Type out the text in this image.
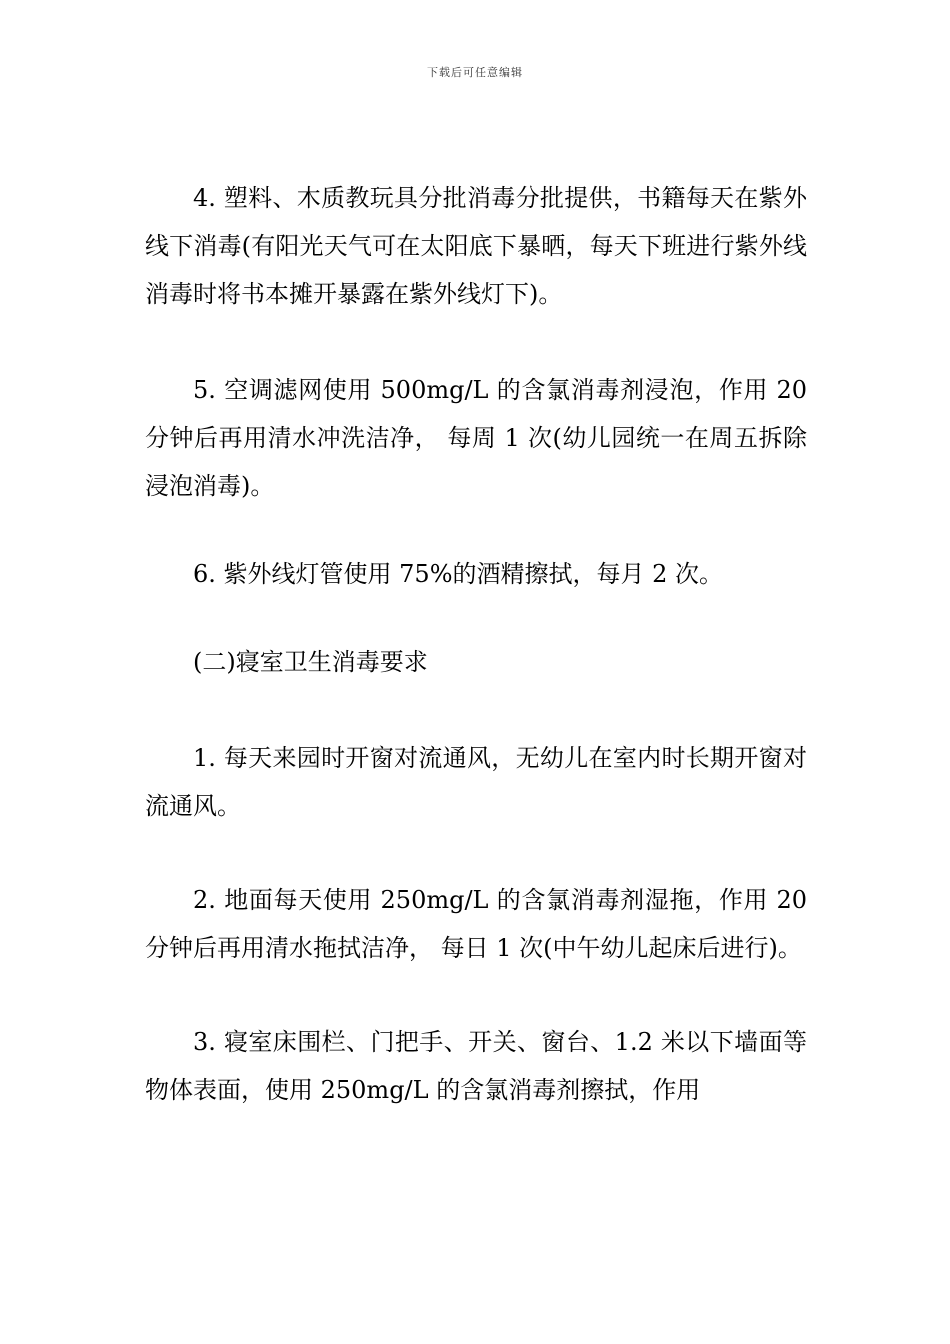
下载后可任意编辑

4. 塑料、木质教玩具分批消毒分批提供，书籍每天在紫外线下消毒(有阳光天气可在太阳底下暴晒，每天下班进行紫外线消毒时将书本摊开暴露在紫外线灯下)。

5. 空调滤网使用 500mg/L 的含氯消毒剂浸泡，作用 20 分钟后再用清水冲洗洁净， 每周 1 次(幼儿园统一在周五拆除浸泡消毒)。

6. 紫外线灯管使用 75%的酒精擦拭，每月 2 次。

(二)寝室卫生消毒要求

1. 每天来园时开窗对流通风，无幼儿在室内时长期开窗对流通风。

2. 地面每天使用 250mg/L 的含氯消毒剂湿拖，作用 20 分钟后再用清水拖拭洁净， 每日 1 次(中午幼儿起床后进行)。

3. 寝室床围栏、门把手、开关、窗台、1.2 米以下墙面等物体表面，使用 250mg/L 的含氯消毒剂擦拭，作用
